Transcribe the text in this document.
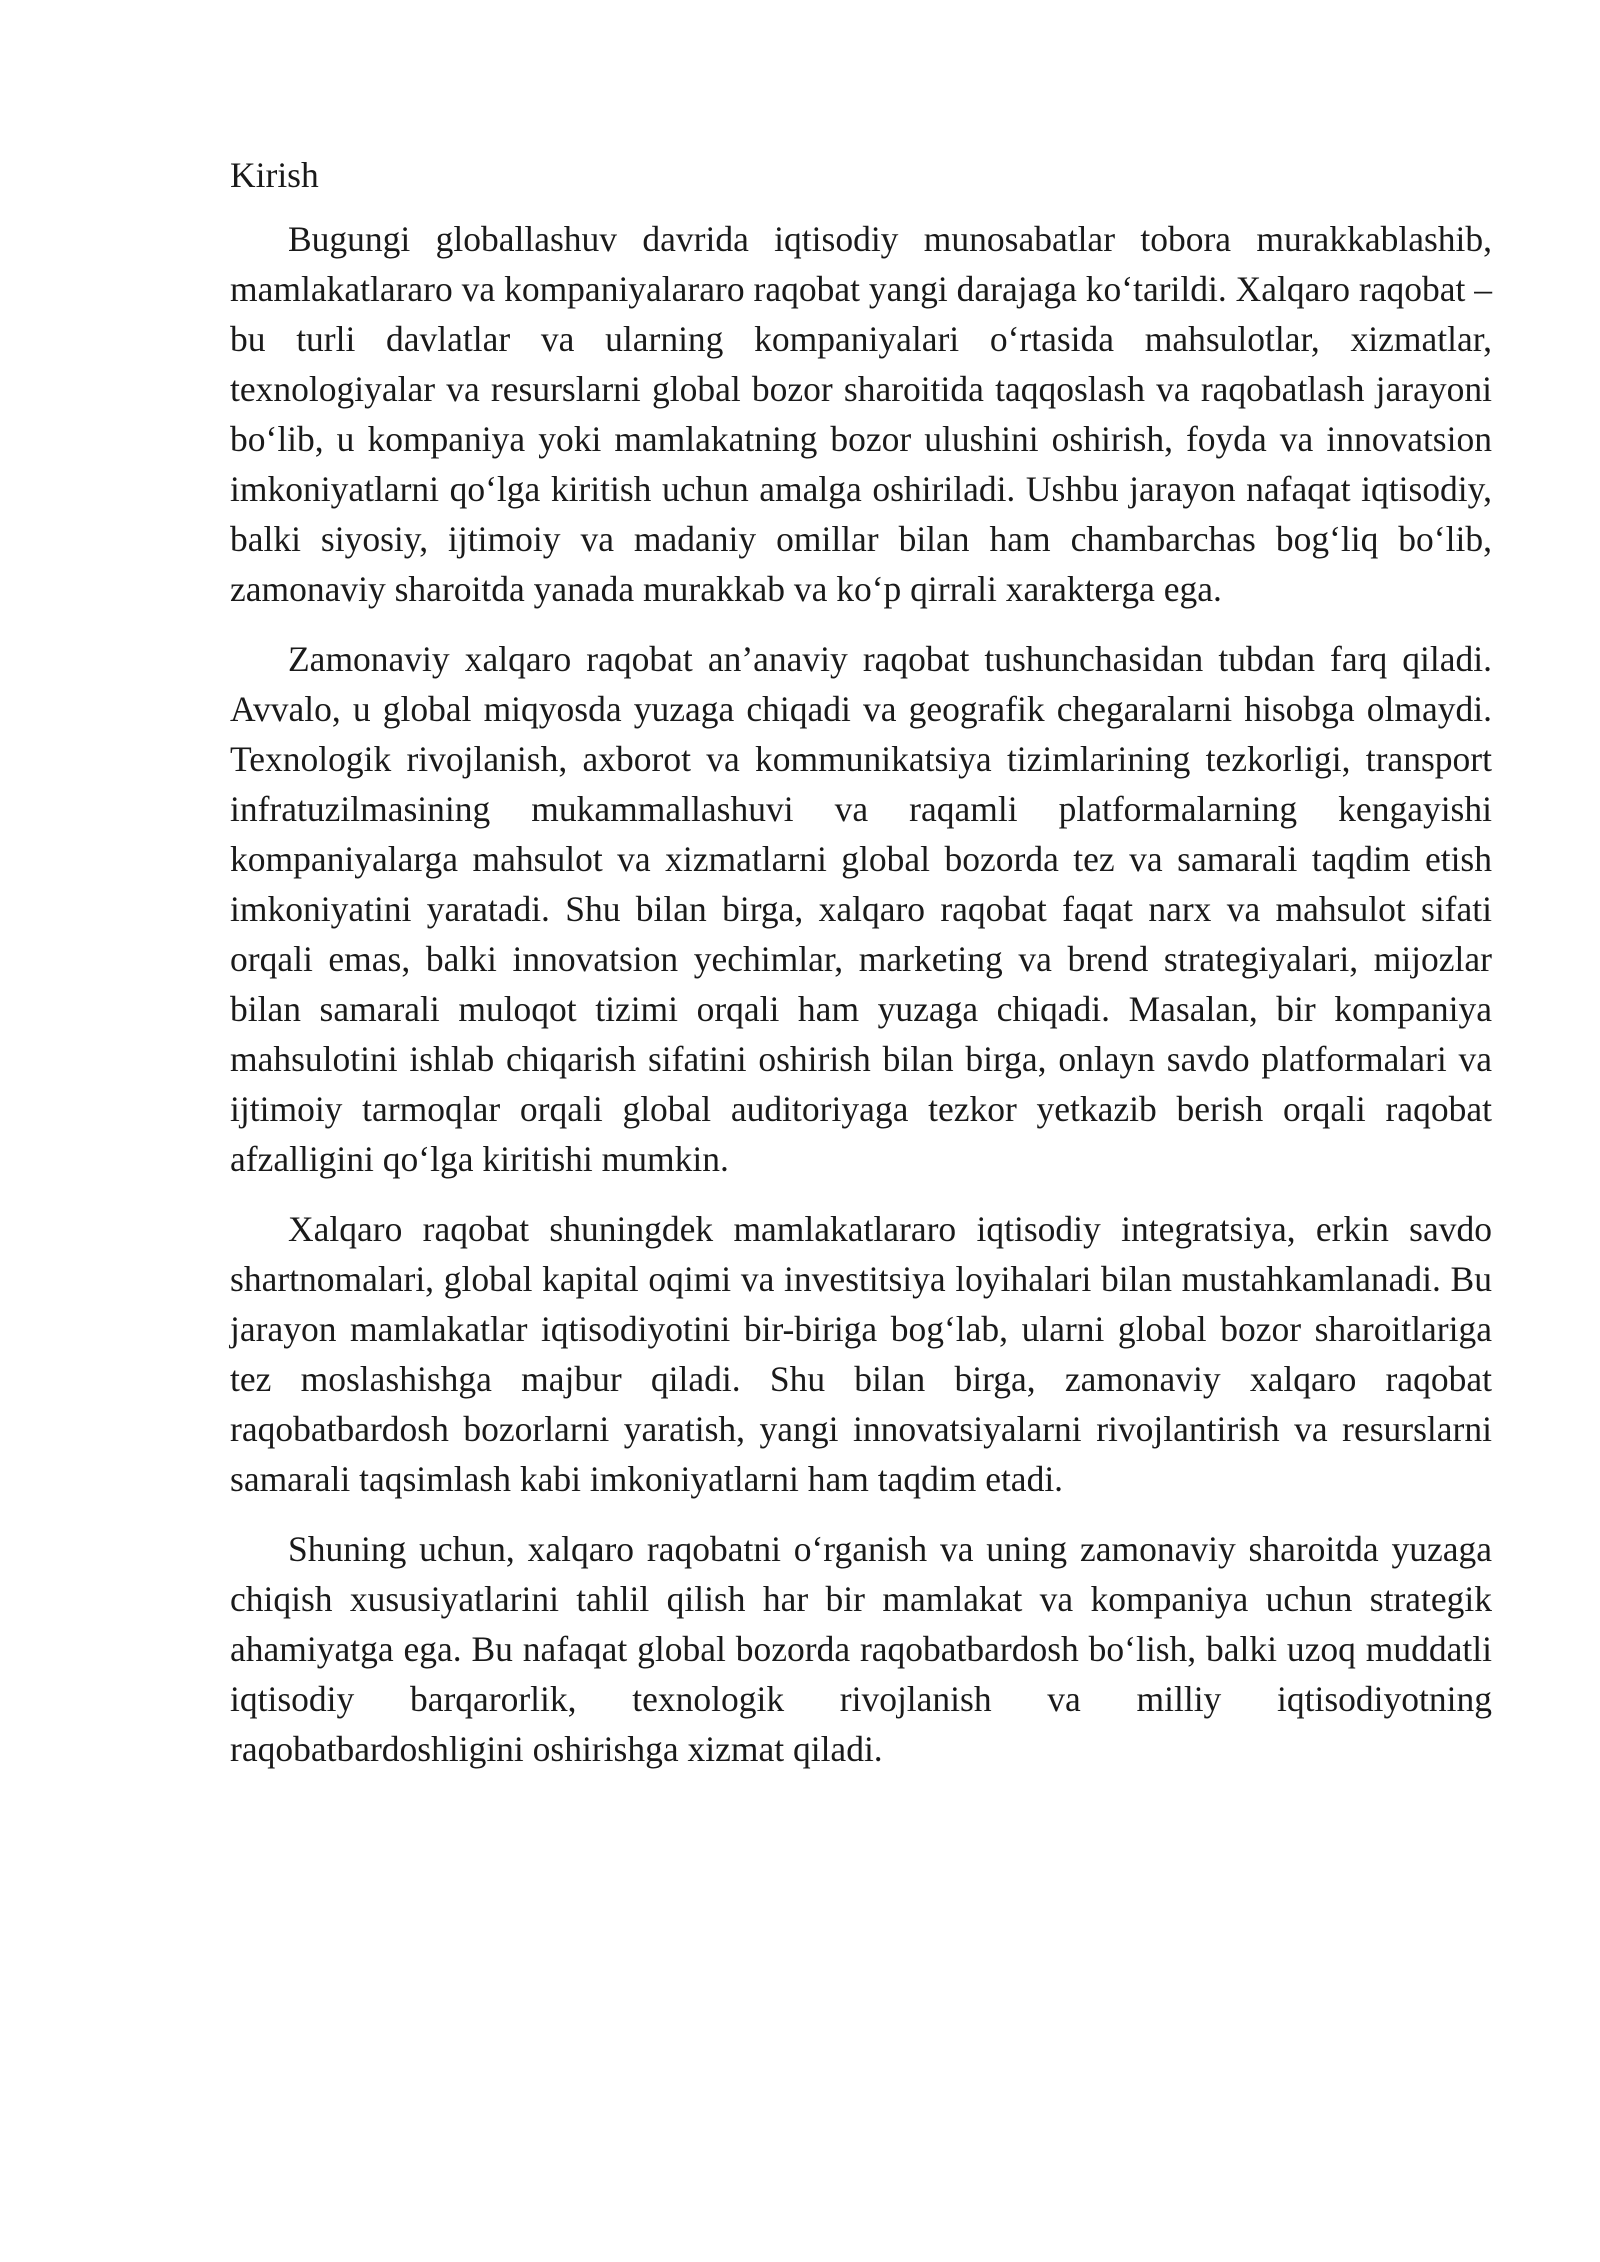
Kirish

Bugungi globallashuv davrida iqtisodiy munosabatlar tobora murakkablashib, mamlakatlararo va kompaniyalararo raqobat yangi darajaga koʻtarildi. Xalqaro raqobat – bu turli davlatlar va ularning kompaniyalari oʻrtasida mahsulotlar, xizmatlar, texnologiyalar va resurslarni global bozor sharoitida taqqoslash va raqobatlash jarayoni boʻlib, u kompaniya yoki mamlakatning bozor ulushini oshirish, foyda va innovatsion imkoniyatlarni qoʻlga kiritish uchun amalga oshiriladi. Ushbu jarayon nafaqat iqtisodiy, balki siyosiy, ijtimoiy va madaniy omillar bilan ham chambarchas bogʻliq boʻlib, zamonaviy sharoitda yanada murakkab va koʻp qirrali xarakterga ega.

Zamonaviy xalqaro raqobat an’anaviy raqobat tushunchasidan tubdan farq qiladi. Avvalo, u global miqyosda yuzaga chiqadi va geografik chegaralarni hisobga olmaydi. Texnologik rivojlanish, axborot va kommunikatsiya tizimlarining tezkorligi, transport infratuzilmasining mukammallashuvi va raqamli platformalarning kengayishi kompaniyalarga mahsulot va xizmatlarni global bozorda tez va samarali taqdim etish imkoniyatini yaratadi. Shu bilan birga, xalqaro raqobat faqat narx va mahsulot sifati orqali emas, balki innovatsion yechimlar, marketing va brend strategiyalari, mijozlar bilan samarali muloqot tizimi orqali ham yuzaga chiqadi. Masalan, bir kompaniya mahsulotini ishlab chiqarish sifatini oshirish bilan birga, onlayn savdo platformalari va ijtimoiy tarmoqlar orqali global auditoriyaga tezkor yetkazib berish orqali raqobat afzalligini qoʻlga kiritishi mumkin.

Xalqaro raqobat shuningdek mamlakatlararo iqtisodiy integratsiya, erkin savdo shartnomalari, global kapital oqimi va investitsiya loyihalari bilan mustahkamlanadi. Bu jarayon mamlakatlar iqtisodiyotini bir-biriga bogʻlab, ularni global bozor sharoitlariga tez moslashishga majbur qiladi. Shu bilan birga, zamonaviy xalqaro raqobat raqobatbardosh bozorlarni yaratish, yangi innovatsiyalarni rivojlantirish va resurslarni samarali taqsimlash kabi imkoniyatlarni ham taqdim etadi.

Shuning uchun, xalqaro raqobatni oʻrganish va uning zamonaviy sharoitda yuzaga chiqish xususiyatlarini tahlil qilish har bir mamlakat va kompaniya uchun strategik ahamiyatga ega. Bu nafaqat global bozorda raqobatbardosh boʻlish, balki uzoq muddatli iqtisodiy barqarorlik, texnologik rivojlanish va milliy iqtisodiyotning raqobatbardoshligini oshirishga xizmat qiladi.
